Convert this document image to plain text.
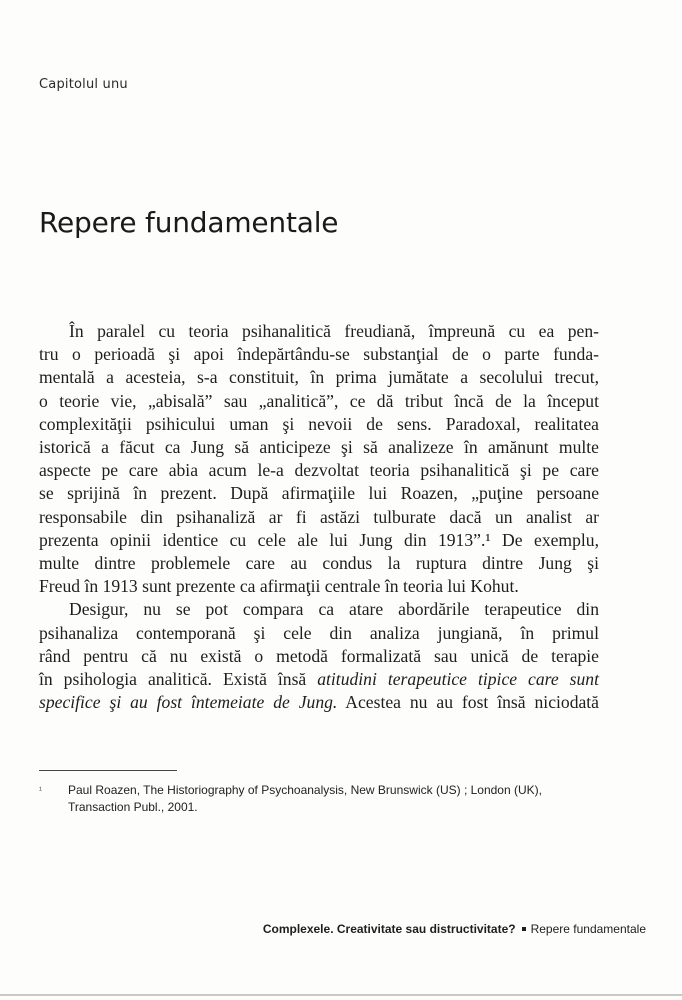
Capitolul unu
Repere fundamentale
În paralel cu teoria psihanalitică freudiană, împreună cu ea pen-
tru o perioadă şi apoi îndepărtându-se substanţial de o parte funda-
mentală a acesteia, s-a constituit, în prima jumătate a secolului trecut,
o teorie vie, „abisală” sau „analitică”, ce dă tribut încă de la început
complexităţii psihicului uman şi nevoii de sens. Paradoxal, realitatea
istorică a făcut ca Jung să anticipeze şi să analizeze în amănunt multe
aspecte pe care abia acum le-a dezvoltat teoria psihanalitică şi pe care
se sprijină în prezent. După afirmaţiile lui Roazen, „puţine persoane
responsabile din psihanaliză ar fi astăzi tulburate dacă un analist ar
prezenta opinii identice cu cele ale lui Jung din 1913”.¹ De exemplu,
multe dintre problemele care au condus la ruptura dintre Jung şi
Freud în 1913 sunt prezente ca afirmaţii centrale în teoria lui Kohut.
Desigur, nu se pot compara ca atare abordările terapeutice din
psihanaliza contemporană şi cele din analiza jungiană, în primul
rând pentru că nu există o metodă formalizată sau unică de terapie
în psihologia analitică. Există însă atitudini terapeutice tipice care sunt
specifice şi au fost întemeiate de Jung. Acestea nu au fost însă niciodată
¹	Paul Roazen, The Historiography of Psychoanalysis, New Brunswick (US) ; London (UK),
Transaction Publ., 2001.
Complexele. Creativitate sau distructivitate? Repere fundamentale
